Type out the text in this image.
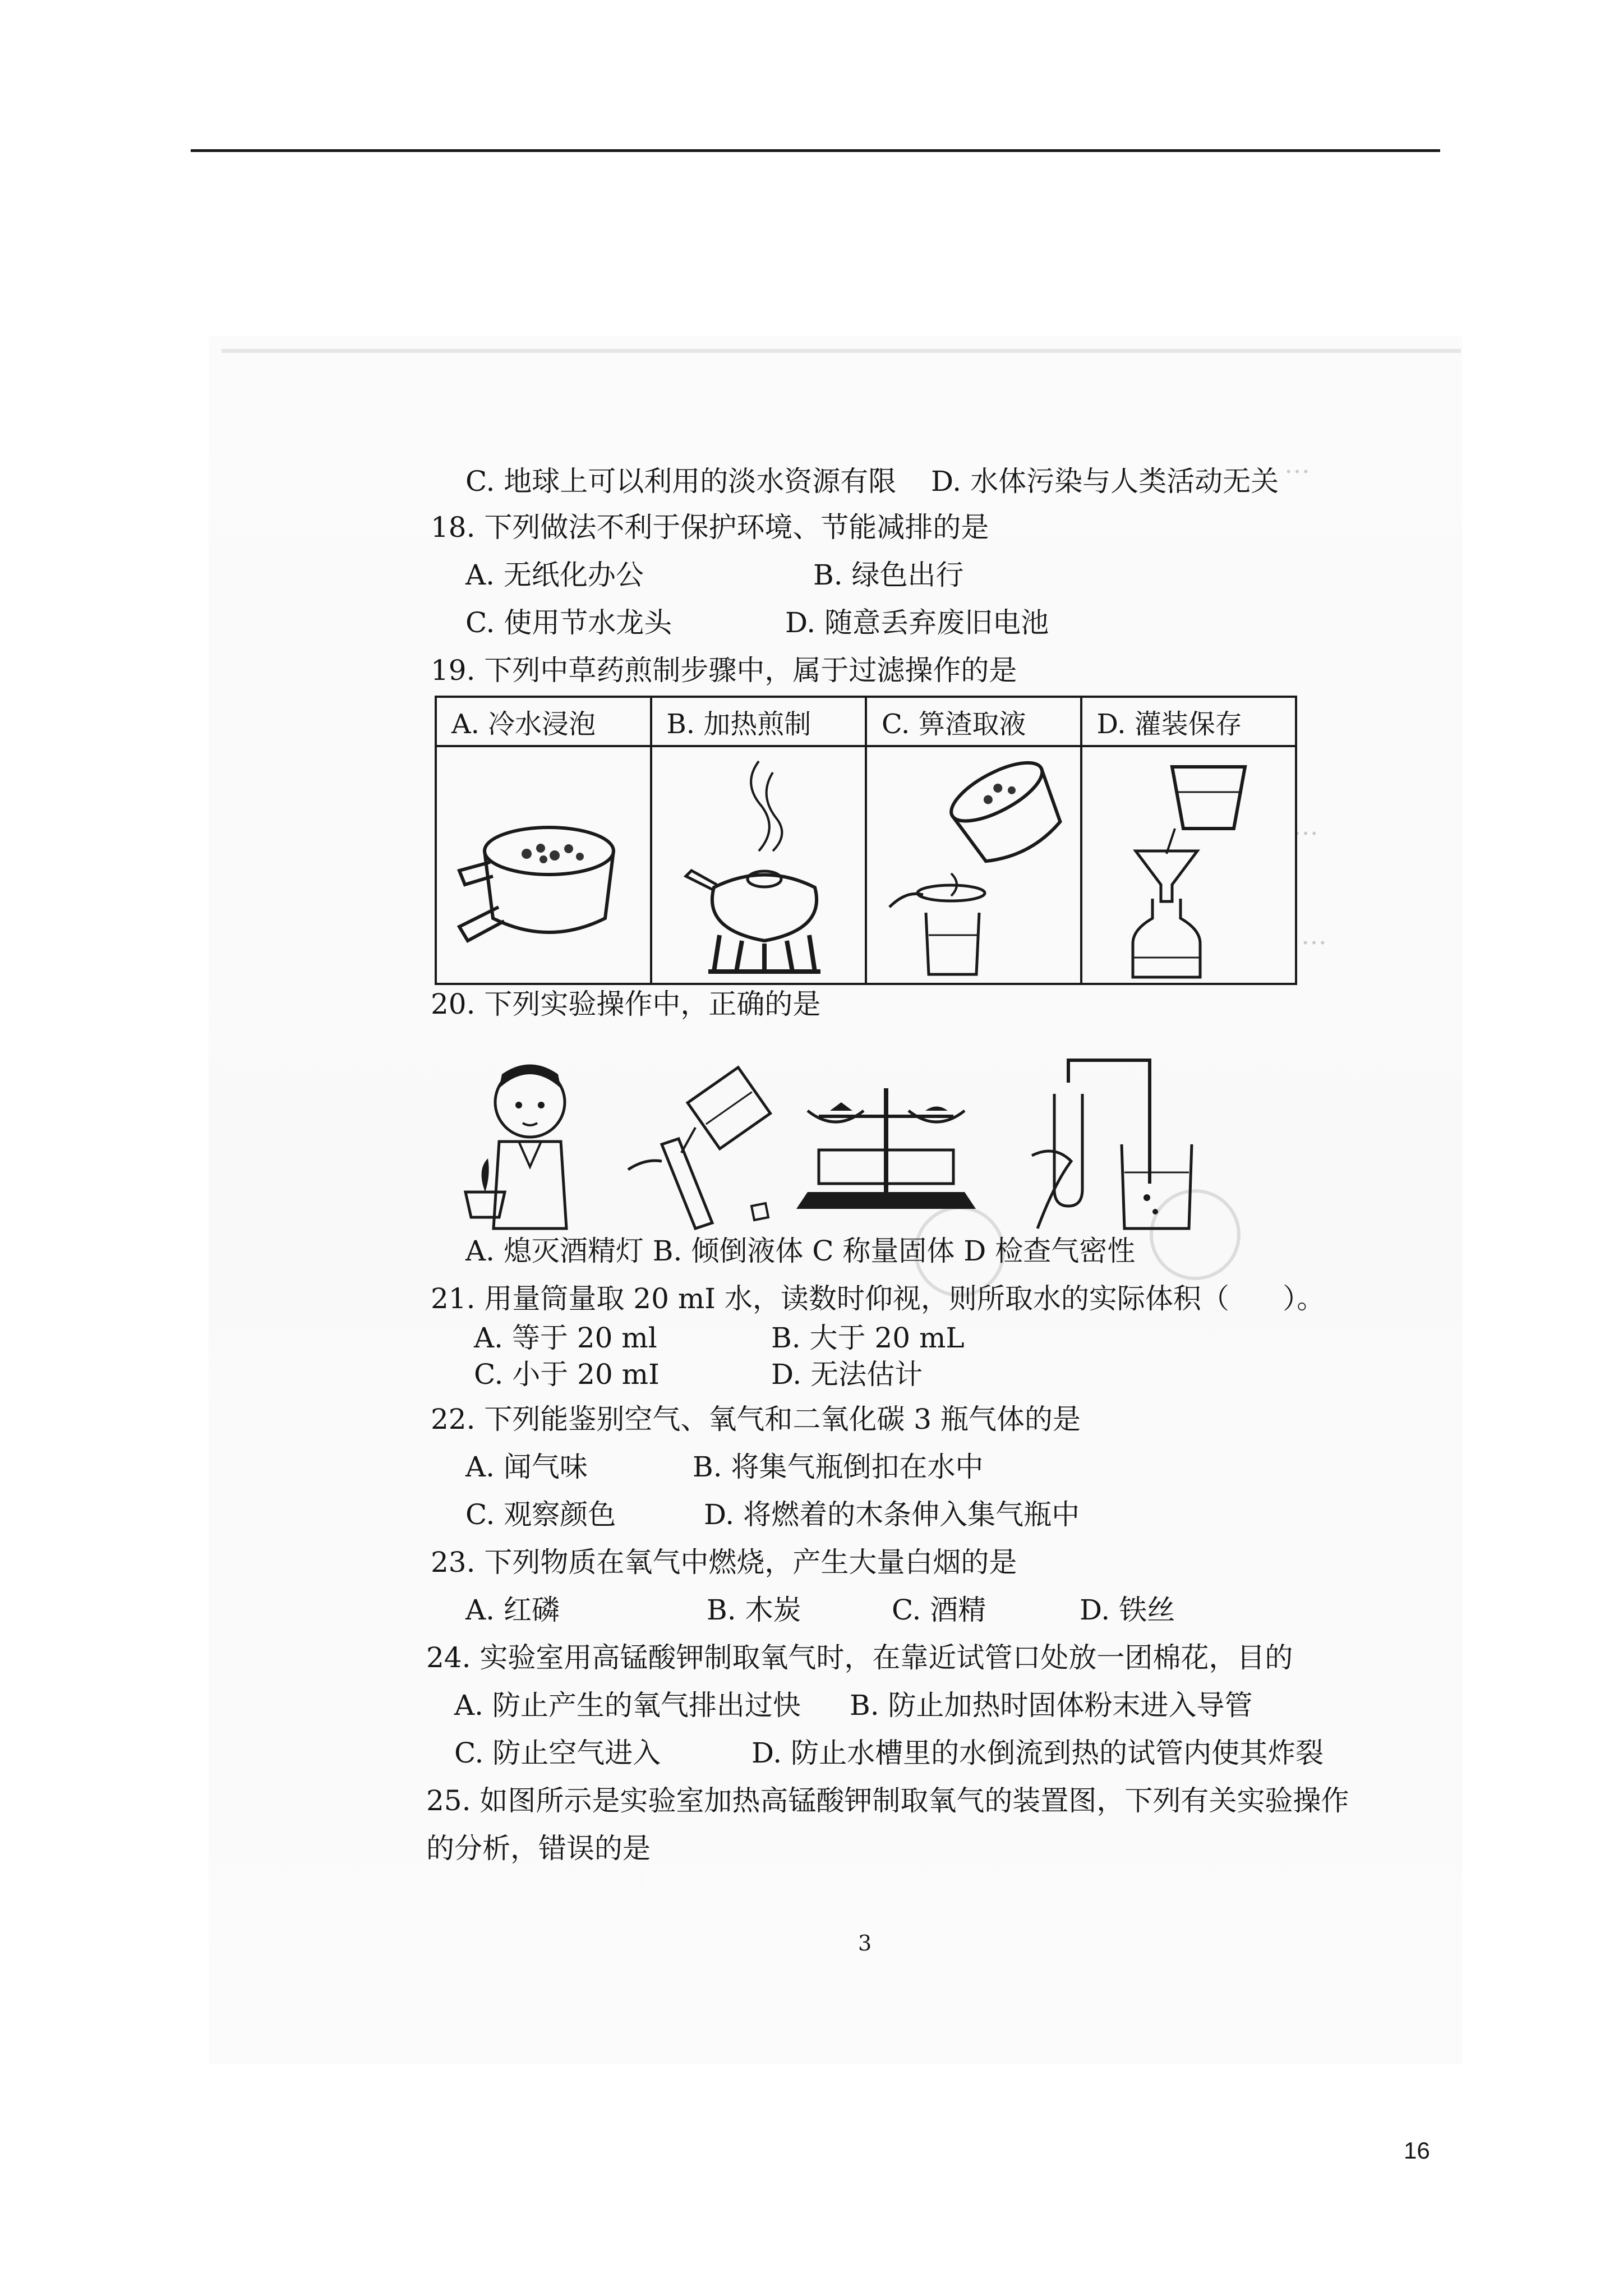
…
…
…
C. 地球上可以利用的淡水资源有限 D. 水体污染与人类活动无关
18. 下列做法不利于保护环境、节能减排的是
A. 无纸化办公	B. 绿色出行
C. 使用节水龙头	D. 随意丢弃废旧电池
19. 下列中草药煎制步骤中，属于过滤操作的是
A. 冷水浸泡	B. 加热煎制	C. 箅渣取液	D. 灌装保存

20. 下列实验操作中，正确的是
A. 熄灭酒精灯 B. 倾倒液体 C 称量固体 D 检查气密性
21. 用量筒量取 20 mI 水，读数时仰视，则所取水的实际体积（      ）。
A. 等于 20 ml	B. 大于 20 mL
C. 小于 20 mI	D. 无法估计
22. 下列能鉴别空气、氧气和二氧化碳 3 瓶气体的是
A. 闻气味	B. 将集气瓶倒扣在水中
C. 观察颜色	D. 将燃着的木条伸入集气瓶中
23. 下列物质在氧气中燃烧，产生大量白烟的是
A. 红磷	B. 木炭	C. 酒精	D. 铁丝
24. 实验室用高锰酸钾制取氧气时，在靠近试管口处放一团棉花，目的
A. 防止产生的氧气排出过快 B. 防止加热时固体粉末进入导管
C. 防止空气进入	D. 防止水槽里的水倒流到热的试管内使其炸裂
25. 如图所示是实验室加热高锰酸钾制取氧气的装置图，下列有关实验操作
的分析，错误的是
3
16
